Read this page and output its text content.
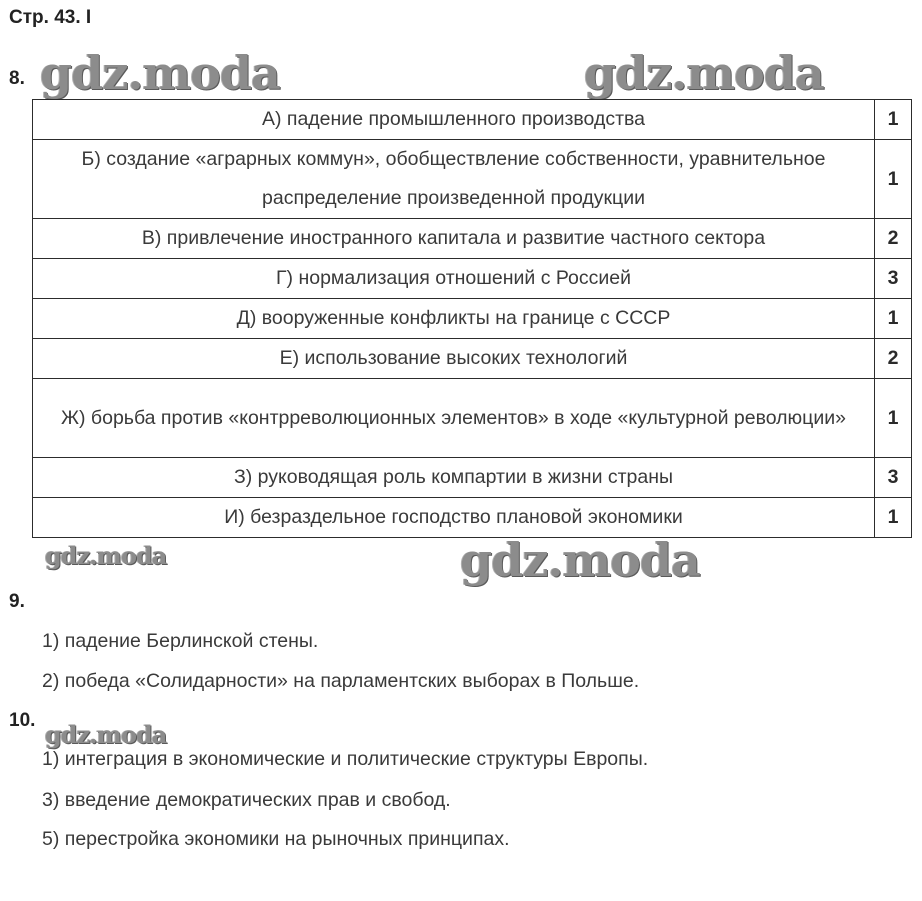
Стр. 43. I
8. gdz.moda	gdz.moda
А) падение промышленного производства	1
Б) создание «аграрных коммун», обобществление собственности, уравнительное распределение произведенной продукции	1
В) привлечение иностранного капитала и развитие частного сектора	2
Г) нормализация отношений с Россией	3
Д) вооруженные конфликты на границе с СССР	1
Е) использование высоких технологий	2
Ж) борьба против «контрреволюционных элементов» в ходе «культурной революции»	1
З) руководящая роль компартии в жизни страны	3
И) безраздельное господство плановой экономики	1
gdz.moda	gdz.moda
9.
1) падение Берлинской стены.
2) победа «Солидарности» на парламентских выборах в Польше.
10. gdz.moda
1) интеграция в экономические и политические структуры Европы.
3) введение демократических прав и свобод.
5) перестройка экономики на рыночных принципах.
